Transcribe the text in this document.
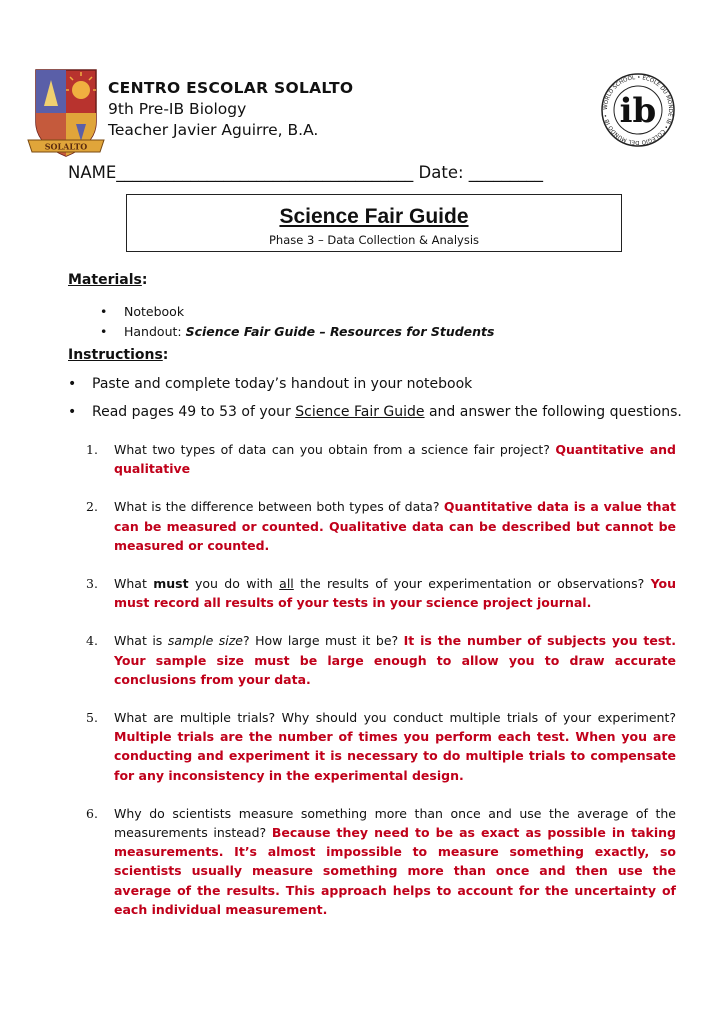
SOLALTO
CENTRO ESCOLAR SOLALTO
9th Pre-IB Biology
Teacher Javier Aguirre, B.A.
WORLD SCHOOL • ÉCOLE DU MONDE IB • COLEGIO DEL MUNDO IB • ib
NAME____________________________________ Date: _________
Science Fair Guide
Phase 3 – Data Collection & Analysis
Materials:
•	Notebook
•	Handout: Science Fair Guide – Resources for Students
Instructions:
•	Paste and complete today’s handout in your notebook
•	Read pages 49 to 53 of your Science Fair Guide and answer the following questions.
1.	What two types of data can you obtain from a science fair project? Quantitative and qualitative
2.	What is the difference between both types of data? Quantitative data is a value that can be measured or counted. Qualitative data can be described but cannot be measured or counted.
3.	What must you do with all the results of your experimentation or observations? You must record all results of your tests in your science project journal.
4.	What is sample size? How large must it be? It is the number of subjects you test. Your sample size must be large enough to allow you to draw accurate conclusions from your data.
5.	What are multiple trials? Why should you conduct multiple trials of your experiment? Multiple trials are the number of times you perform each test. When you are conducting and experiment it is necessary to do multiple trials to compensate for any inconsistency in the experimental design.
6.	Why do scientists measure something more than once and use the average of the measurements instead? Because they need to be as exact as possible in taking measurements. It’s almost impossible to measure something exactly, so scientists usually measure something more than once and then use the average of the results. This approach helps to account for the uncertainty of each individual measurement.
